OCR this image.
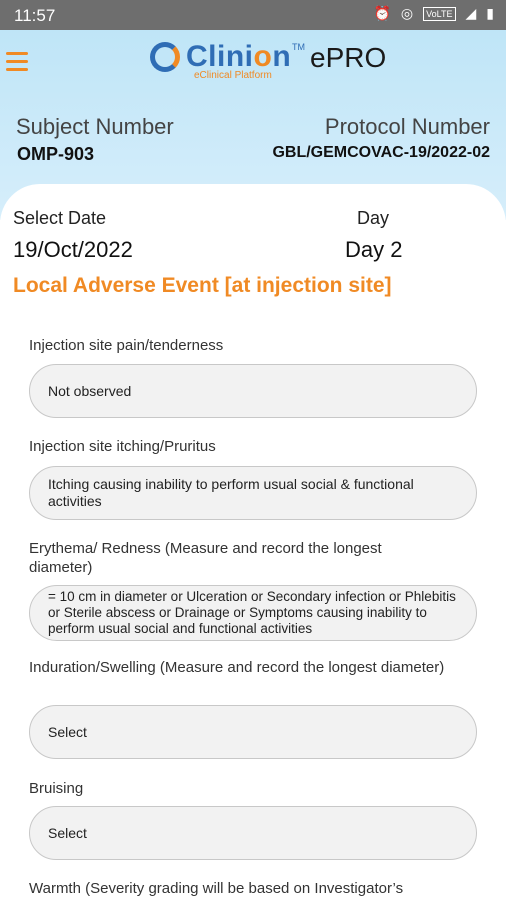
11:57	⏰ ◎	VoLTE ◢ ▮
Clinion TM
eClinical Platform
ePRO
Subject Number
OMP-903
Protocol Number
GBL/GEMCOVAC-19/2022-02
Select Date
19/Oct/2022
Day
Day 2
Local Adverse Event [at injection site]
Injection site pain/tenderness
Not observed
Injection site itching/Pruritus
Itching causing inability to perform usual social & functional activities
Erythema/ Redness (Measure and record the longest diameter)
= 10 cm in diameter or Ulceration or Secondary infection or Phlebitis or Sterile abscess or Drainage or Symptoms causing inability to perform usual social and functional activities
Induration/Swelling (Measure and record the longest diameter)
Select
Bruising
Select
Warmth (Severity grading will be based on Investigator’s
